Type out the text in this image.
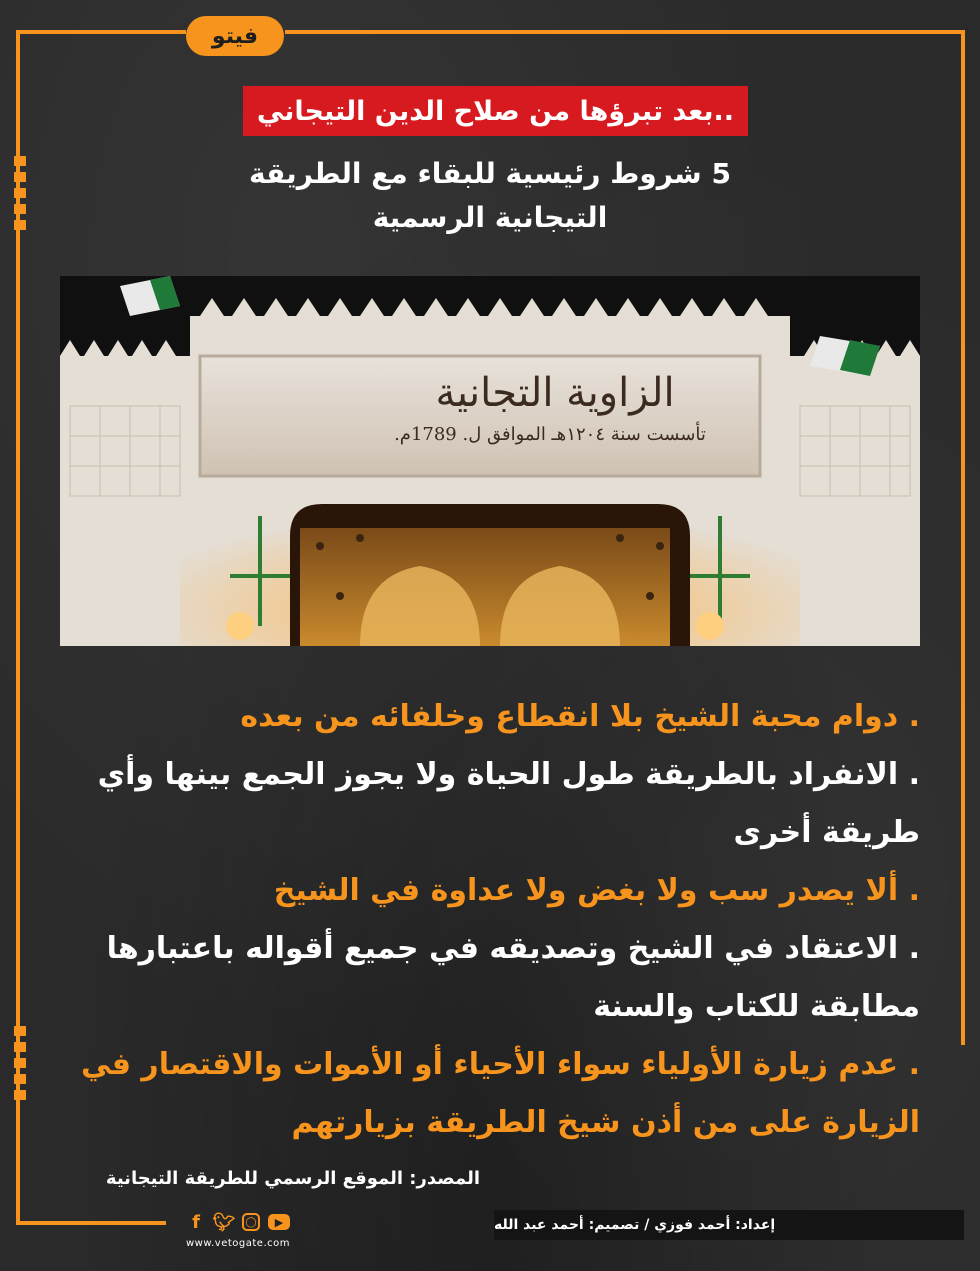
فيتو
بعد تبرؤها من صلاح الدين التيجاني..
5 شروط رئيسية للبقاء مع الطريقة
التيجانية الرسمية
الزاوية التجانية
تأسست سنة ١٢٠٤هـ الموافق ل. 1789م.
. دوام محبة الشيخ بلا انقطاع وخلفائه من بعده
. الانفراد بالطريقة طول الحياة ولا يجوز الجمع بينها وأي طريقة أخرى
. ألا يصدر سب ولا بغض ولا عداوة في الشيخ
. الاعتقاد في الشيخ وتصديقه في جميع أقواله باعتبارها مطابقة للكتاب والسنة
. عدم زيارة الأولياء سواء الأحياء أو الأموات والاقتصار في الزيارة على من أذن شيخ الطريقة بزيارتهم
المصدر: الموقع الرسمي للطريقة التيجانية
f 🐦︎ ◯	▶
www.vetogate.com
إعداد: أحمد فوزي / تصميم: أحمد عبد الله
